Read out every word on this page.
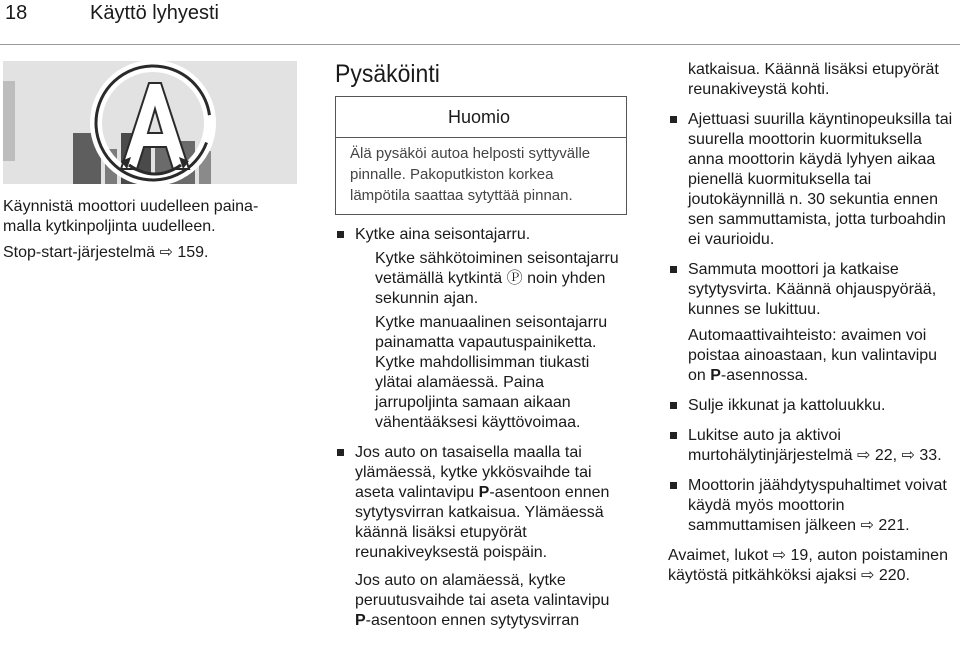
18	Käyttö lyhyesti

Käynnistä moottori uudelleen paina-

malla kytkinpoljinta uudelleen.

Stop-start-järjestelmä ⇨ 159.

Pysäköinti
Huomio
Älä pysäköi autoa helposti syttyvälle pinnalle. Pakoputkiston korkea lämpötila saattaa sytyttää pinnan.
Kytke aina seisontajarru.
Kytke sähkötoiminen seisontajarru vetämällä kytkintä Ⓟ noin yhden sekunnin ajan.
Kytke manuaalinen seisontajarru painamatta vapautuspainiketta. Kytke mahdollisimman tiukasti ylätai alamäessä. Paina jarrupoljinta samaan aikaan vähentääksesi käyttövoimaa.
Jos auto on tasaisella maalla tai ylämäessä, kytke ykkösvaihde tai aseta valintavipu P-asentoon ennen sytytysvirran katkaisua. Ylämäessä käännä lisäksi etupyörät reunakiveyksestä poispäin.
Jos auto on alamäessä, kytke peruutusvaihde tai aseta valintavipu P-asentoon ennen sytytysvirran
katkaisua. Käännä lisäksi etupyörät reunakiveystä kohti.
Ajettuasi suurilla käyntinopeuksilla tai suurella moottorin kuormituksella anna moottorin käydä lyhyen aikaa pienellä kuormituksella tai joutokäynnillä n. 30 sekuntia ennen sen sammuttamista, jotta turboahdin ei vaurioidu.
Sammuta moottori ja katkaise sytytysvirta. Käännä ohjauspyörää, kunnes se lukittuu.
Automaattivaihteisto: avaimen voi poistaa ainoastaan, kun valintavipu on P-asennossa.
Sulje ikkunat ja kattoluukku.
Lukitse auto ja aktivoi murtohälytinjärjestelmä ⇨ 22, ⇨ 33.
Moottorin jäähdytyspuhaltimet voivat käydä myös moottorin sammuttamisen jälkeen ⇨ 221.
Avaimet, lukot ⇨ 19, auton poistaminen käytöstä pitkähköksi ajaksi ⇨ 220.
